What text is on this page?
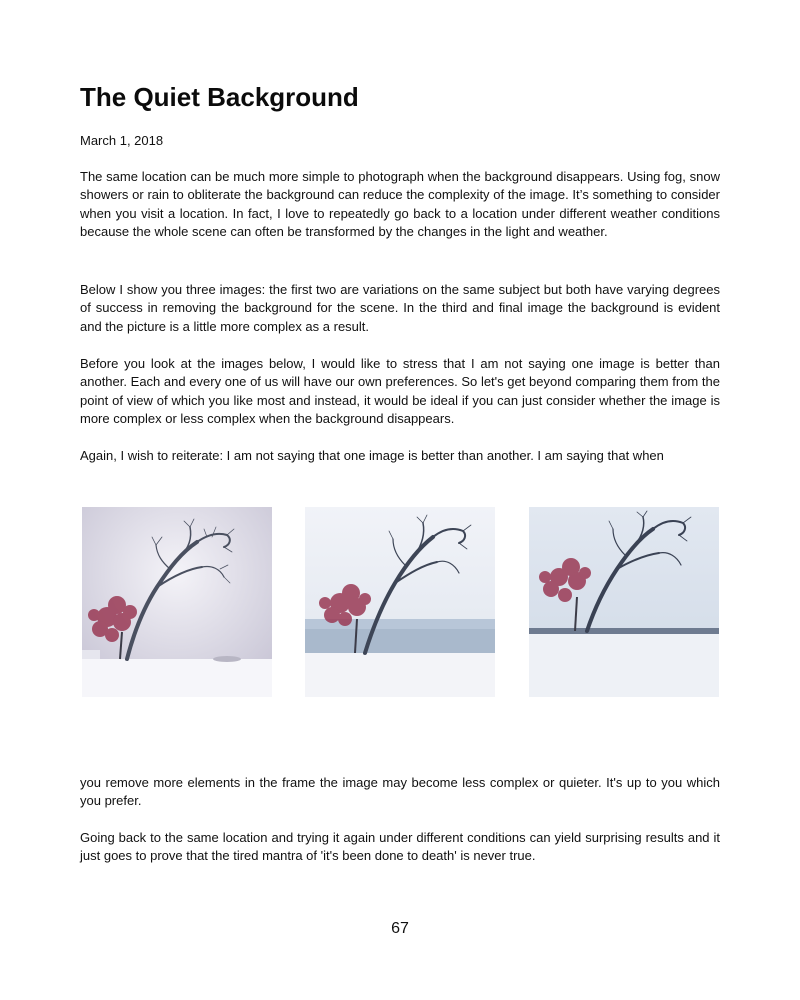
The Quiet Background

March 1, 2018

The same location can be much more simple to photograph when the background disappears. Using fog, snow showers or rain to obliterate the background can reduce the complexity of the image. It’s something to consider when you visit a location. In fact, I love to repeatedly go back to a location under different weather conditions because the whole scene can often be transformed by the changes in the light and weather.

Below I show you three images: the first two are variations on the same subject but both have varying degrees of success in removing the background for the scene. In the third and final image the background is evident and the picture is a little more complex as a result.

Before you look at the images below, I would like to stress that I am not saying one image is better than another. Each and every one of us will have our own preferences. So let's get beyond comparing them from the point of view of which you like most and instead, it would be ideal if you can just consider whether the image is more complex or less complex when the background disappears.

Again, I wish to reiterate: I am not saying that one image is better than another. I am saying that when

you remove more elements in the frame the image may become less complex or quieter. It's up to you which you prefer.

Going back to the same location and trying it again under different conditions can yield surprising results and it just goes to prove that the tired mantra of 'it's been done to death' is never true.

67
